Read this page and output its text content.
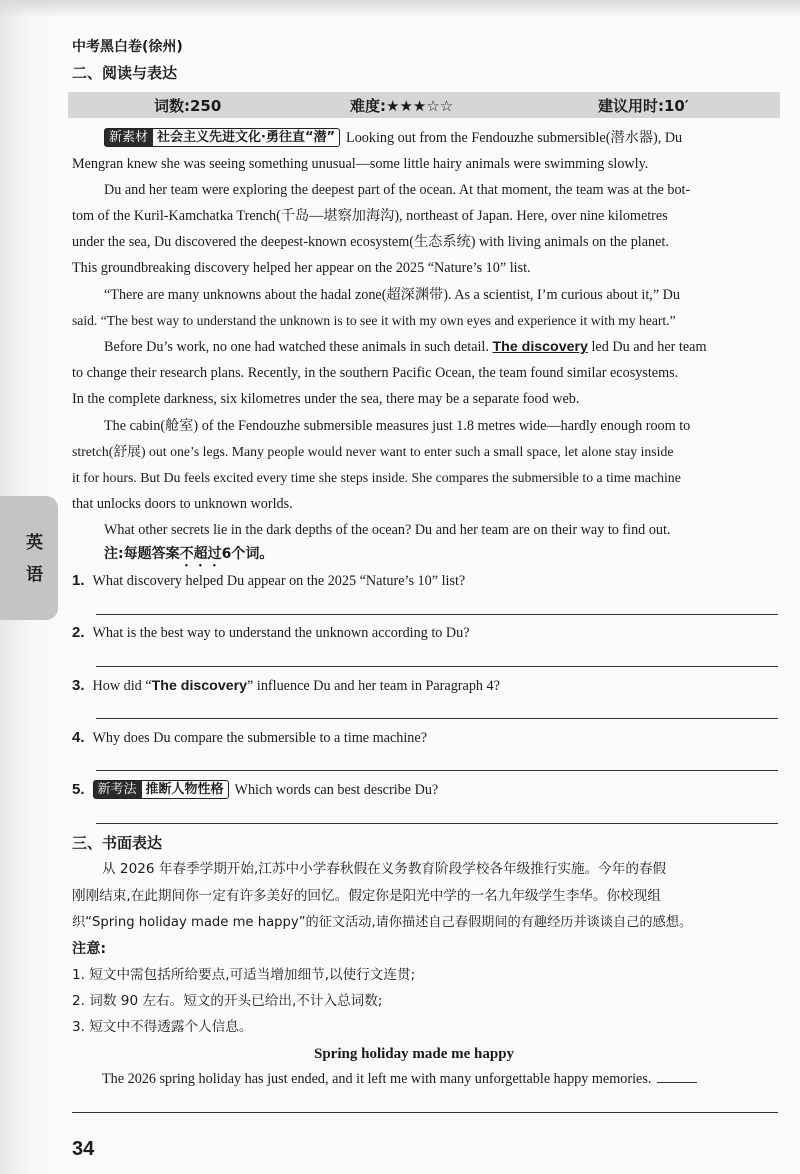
中考黑白卷(徐州)
二、阅读与表达
词数:250	难度:★★★☆☆	建议用时:10′
新素材 社会主义先进文化·勇往直“潜” Looking out from the Fendouzhe submersible(潜水器), Du
Mengran knew she was seeing something unusual—some little hairy animals were swimming slowly.
Du and her team were exploring the deepest part of the ocean. At that moment, the team was at the bot-
tom of the Kuril-Kamchatka Trench(千岛—堪察加海沟), northeast of Japan. Here, over nine kilometres
under the sea, Du discovered the deepest-known ecosystem(生态系统) with living animals on the planet.
This groundbreaking discovery helped her appear on the 2025 “Nature’s 10” list.
“There are many unknowns about the hadal zone(超深渊带). As a scientist, I’m curious about it,” Du
said. “The best way to understand the unknown is to see it with my own eyes and experience it with my heart.”
Before Du’s work, no one had watched these animals in such detail. The discovery led Du and her team
to change their research plans. Recently, in the southern Pacific Ocean, the team found similar ecosystems.
In the complete darkness, six kilometres under the sea, there may be a separate food web.
The cabin(舱室) of the Fendouzhe submersible measures just 1.8 metres wide—hardly enough room to
stretch(舒展) out one’s legs. Many people would never want to enter such a small space, let alone stay inside
it for hours. But Du feels excited every time she steps inside. She compares the submersible to a time machine
that unlocks doors to unknown worlds.
What other secrets lie in the dark depths of the ocean? Du and her team are on their way to find out.
注:每题答案不超过6个词。
1. What discovery helped Du appear on the 2025 “Nature’s 10” list?
2. What is the best way to understand the unknown according to Du?
3. How did “The discovery” influence Du and her team in Paragraph 4?
4. Why does Du compare the submersible to a time machine?
5. 新考法 推断人物性格 Which words can best describe Du?
三、书面表达
从 2026 年春季学期开始,江苏中小学春秋假在义务教育阶段学校各年级推行实施。今年的春假
刚刚结束,在此期间你一定有许多美好的回忆。假定你是阳光中学的一名九年级学生李华。你校现组
织“Spring holiday made me happy”的征文活动,请你描述自己春假期间的有趣经历并谈谈自己的感想。
注意:
1. 短文中需包括所给要点,可适当增加细节,以使行文连贯;
2. 词数 90 左右。短文的开头已给出,不计入总词数;
3. 短文中不得透露个人信息。
Spring holiday made me happy
The 2026 spring holiday has just ended, and it left me with many unforgettable happy memories.
英
语
34
